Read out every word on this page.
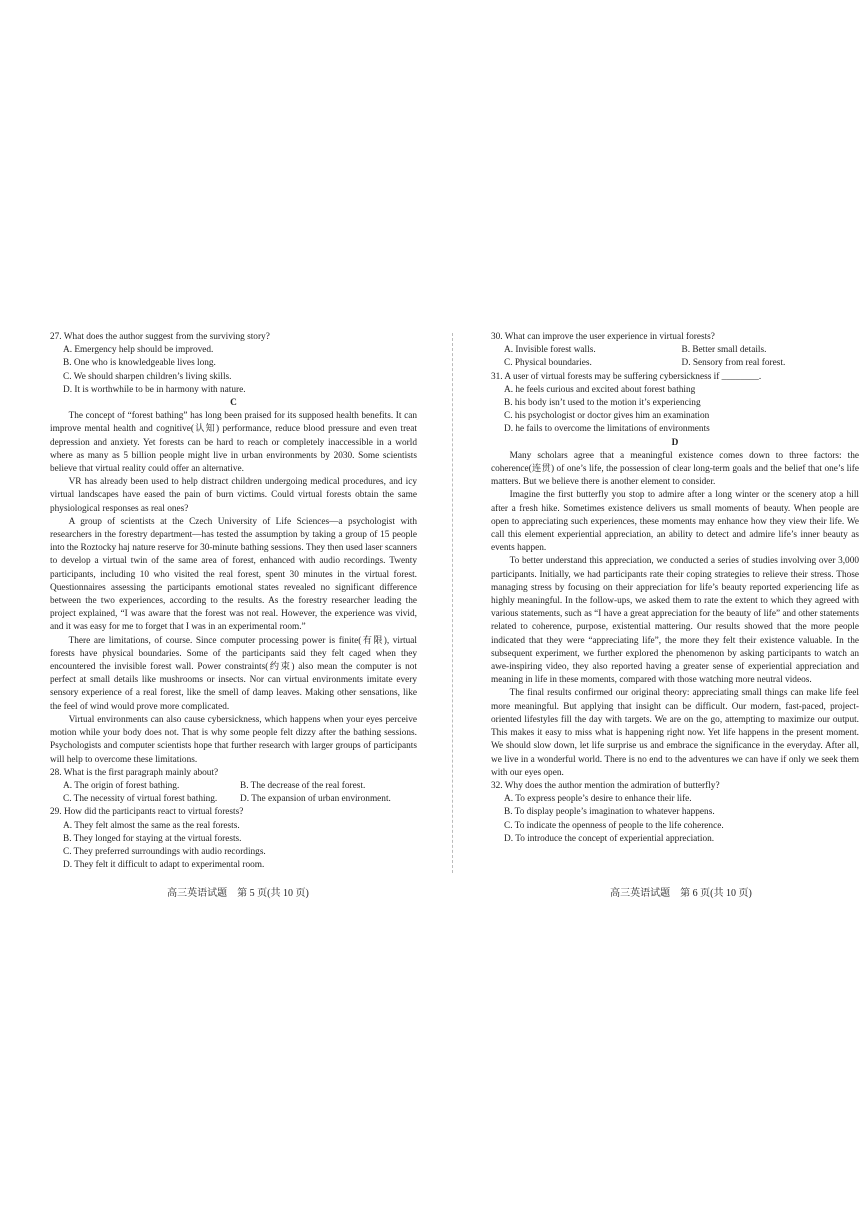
27. What does the author suggest from the surviving story?

A. Emergency help should be improved.

B. One who is knowledgeable lives long.

C. We should sharpen children’s living skills.

D. It is worthwhile to be in harmony with nature.

C

The concept of “forest bathing” has long been praised for its supposed health benefits. It can improve mental health and cognitive(认知) performance, reduce blood pressure and even treat depression and anxiety. Yet forests can be hard to reach or completely inaccessible in a world where as many as 5 billion people might live in urban environments by 2030. Some scientists believe that virtual reality could offer an alternative.

VR has already been used to help distract children undergoing medical procedures, and icy virtual landscapes have eased the pain of burn victims. Could virtual forests obtain the same physiological responses as real ones?

A group of scientists at the Czech University of Life Sciences—a psychologist with researchers in the forestry department—has tested the assumption by taking a group of 15 people into the Roztocky haj nature reserve for 30-minute bathing sessions. They then used laser scanners to develop a virtual twin of the same area of forest, enhanced with audio recordings. Twenty participants, including 10 who visited the real forest, spent 30 minutes in the virtual forest. Questionnaires assessing the participants emotional states revealed no significant difference between the two experiences, according to the results. As the forestry researcher leading the project explained, “I was aware that the forest was not real. However, the experience was vivid, and it was easy for me to forget that I was in an experimental room.”

There are limitations, of course. Since computer processing power is finite(有限), virtual forests have physical boundaries. Some of the participants said they felt caged when they encountered the invisible forest wall. Power constraints(约束) also mean the computer is not perfect at small details like mushrooms or insects. Nor can virtual environments imitate every sensory experience of a real forest, like the smell of damp leaves. Making other sensations, like the feel of wind would prove more complicated.

Virtual environments can also cause cybersickness, which happens when your eyes perceive motion while your body does not. That is why some people felt dizzy after the bathing sessions. Psychologists and computer scientists hope that further research with larger groups of participants will help to overcome these limitations.

28. What is the first paragraph mainly about?

A. The origin of forest bathing.	B. The decrease of the real forest.

C. The necessity of virtual forest bathing.	D. The expansion of urban environment.

29. How did the participants react to virtual forests?

A. They felt almost the same as the real forests.

B. They longed for staying at the virtual forests.

C. They preferred surroundings with audio recordings.

D. They felt it difficult to adapt to experimental room.

30. What can improve the user experience in virtual forests?

A. Invisible forest walls.	B. Better small details.

C. Physical boundaries.	D. Sensory from real forest.

31. A user of virtual forests may be suffering cybersickness if ________.

A. he feels curious and excited about forest bathing

B. his body isn’t used to the motion it’s experiencing

C. his psychologist or doctor gives him an examination

D. he fails to overcome the limitations of environments

D

Many scholars agree that a meaningful existence comes down to three factors: the coherence(连贯) of one’s life, the possession of clear long-term goals and the belief that one’s life matters. But we believe there is another element to consider.

Imagine the first butterfly you stop to admire after a long winter or the scenery atop a hill after a fresh hike. Sometimes existence delivers us small moments of beauty. When people are open to appreciating such experiences, these moments may enhance how they view their life. We call this element experiential appreciation, an ability to detect and admire life’s inner beauty as events happen.

To better understand this appreciation, we conducted a series of studies involving over 3,000 participants. Initially, we had participants rate their coping strategies to relieve their stress. Those managing stress by focusing on their appreciation for life’s beauty reported experiencing life as highly meaningful. In the follow-ups, we asked them to rate the extent to which they agreed with various statements, such as “I have a great appreciation for the beauty of life” and other statements related to coherence, purpose, existential mattering. Our results showed that the more people indicated that they were “appreciating life”, the more they felt their existence valuable. In the subsequent experiment, we further explored the phenomenon by asking participants to watch an awe-inspiring video, they also reported having a greater sense of experiential appreciation and meaning in life in these moments, compared with those watching more neutral videos.

The final results confirmed our original theory: appreciating small things can make life feel more meaningful. But applying that insight can be difficult. Our modern, fast-paced, project-oriented lifestyles fill the day with targets. We are on the go, attempting to maximize our output. This makes it easy to miss what is happening right now. Yet life happens in the present moment. We should slow down, let life surprise us and embrace the significance in the everyday. After all, we live in a wonderful world. There is no end to the adventures we can have if only we seek them with our eyes open.

32. Why does the author mention the admiration of butterfly?

A. To express people’s desire to enhance their life.

B. To display people’s imagination to whatever happens.

C. To indicate the openness of people to the life coherence.

D. To introduce the concept of experiential appreciation.

高三英语试题　第 5 页(共 10 页)	高三英语试题　第 6 页(共 10 页)
